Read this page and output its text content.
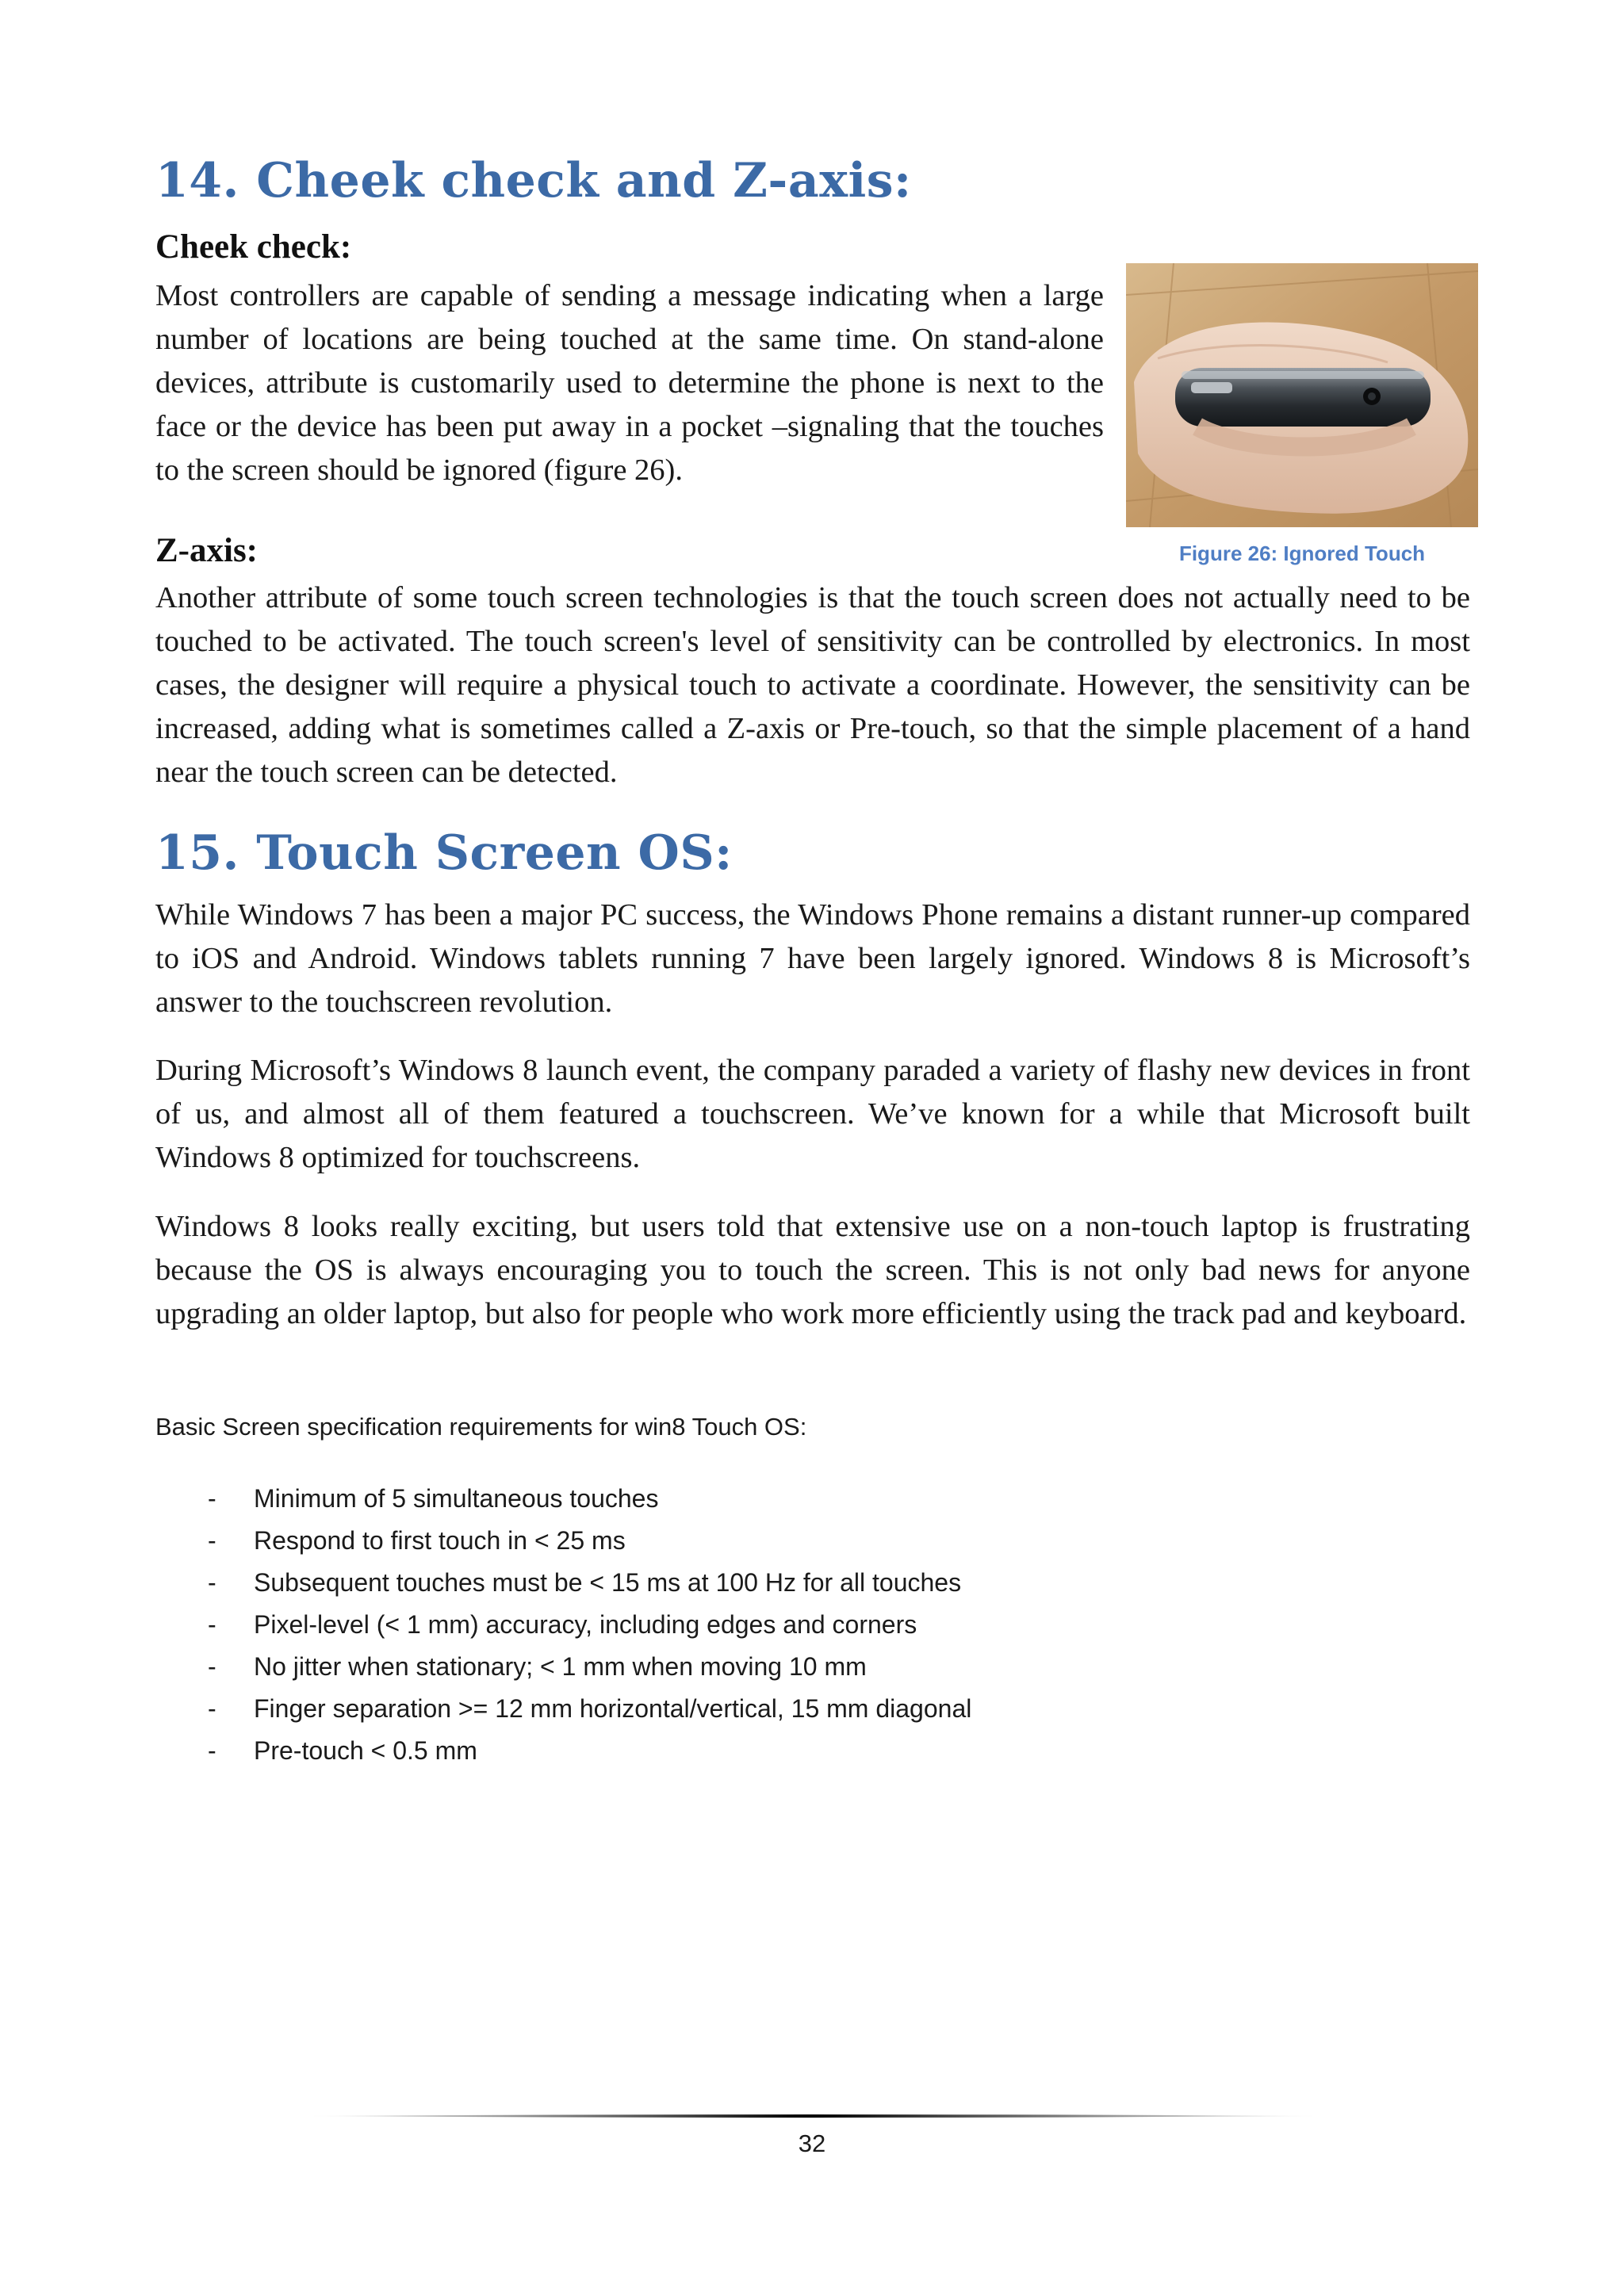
14. Cheek check and Z-axis:
Cheek check:

Most controllers are capable of sending a message indicating when a large number of locations are being touched at the same time. On stand-alone devices, attribute is customarily used to determine the phone is next to the face or the device has been put away in a pocket –signaling that the touches to the screen should be ignored (figure 26).

Figure 26: Ignored Touch
Z-axis:

Another attribute of some touch screen technologies is that the touch screen does not actually need to be touched to be activated. The touch screen's level of sensitivity can be controlled by electronics. In most cases, the designer will require a physical touch to activate a coordinate. However, the sensitivity can be increased, adding what is sometimes called a Z-axis or Pre-touch, so that the simple placement of a hand near the touch screen can be detected.

15. Touch Screen OS:

While Windows 7 has been a major PC success, the Windows Phone remains a distant runner-up compared to iOS and Android. Windows tablets running 7 have been largely ignored. Windows 8 is Microsoft’s answer to the touchscreen revolution.

During Microsoft’s Windows 8 launch event, the company paraded a variety of flashy new devices in front of us, and almost all of them featured a touchscreen. We’ve known for a while that Microsoft built Windows 8 optimized for touchscreens.

Windows 8 looks really exciting, but users told that extensive use on a non-touch laptop is frustrating because the OS is always encouraging you to touch the screen. This is not only bad news for anyone upgrading an older laptop, but also for people who work more efficiently using the track pad and keyboard.

Basic Screen specification requirements for win8 Touch OS:

- Minimum of 5 simultaneous touches
- Respond to first touch in < 25 ms
- Subsequent touches must be < 15 ms at 100 Hz for all touches
- Pixel-level (< 1 mm) accuracy, including edges and corners
- No jitter when stationary; < 1 mm when moving 10 mm
- Finger separation >= 12 mm horizontal/vertical, 15 mm diagonal
- Pre-touch < 0.5 mm
32
